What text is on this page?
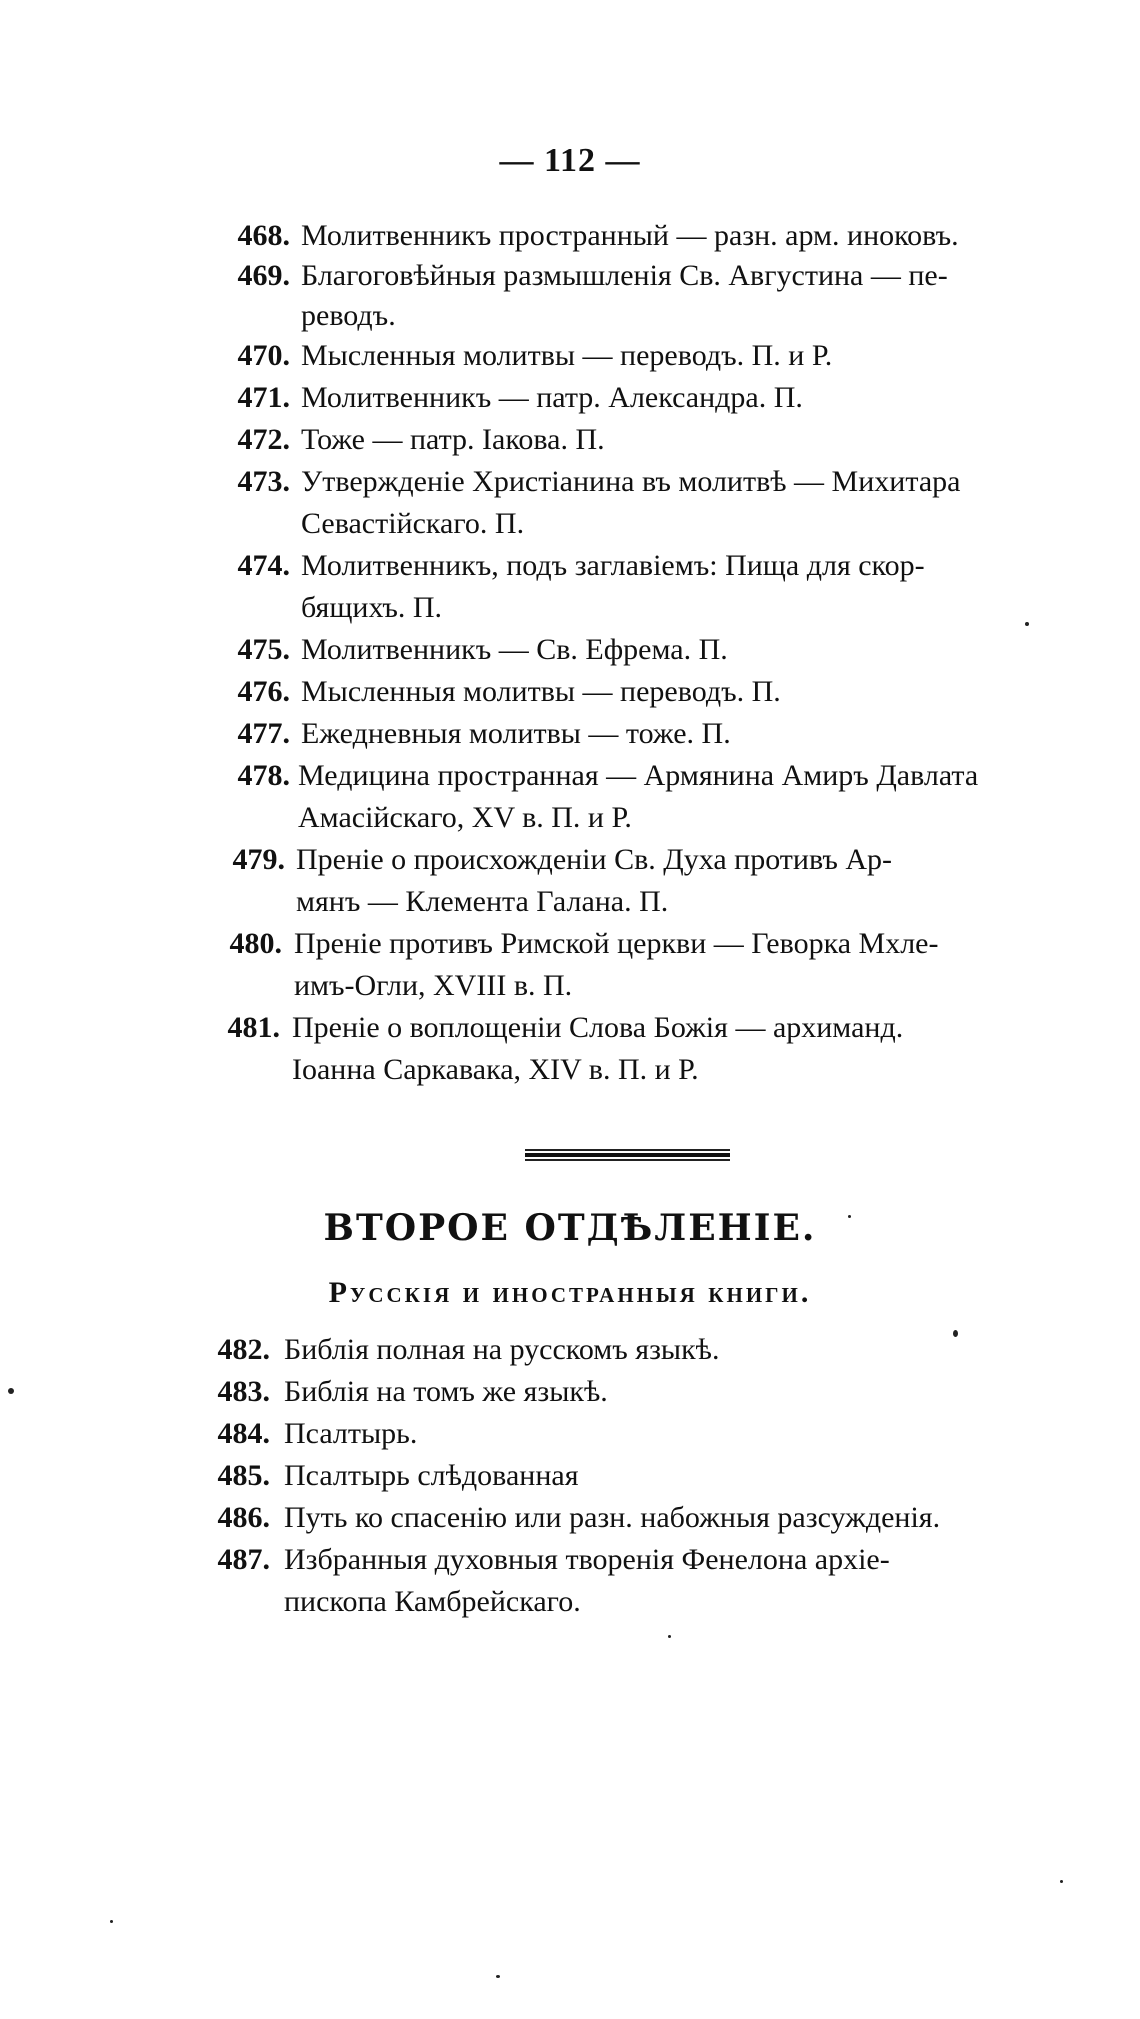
— 112 —
468. Молитвенникъ пространный — разн. арм. иноковъ.
469. Благоговѣйныя размышленія Св. Августина — пе-
реводъ.
470. Мысленныя молитвы — переводъ. П. и Р.
471. Молитвенникъ — патр. Александра. П.
472. Тоже — патр. Іакова. П.
473. Утвержденіе Христіанина въ молитвѣ — Михитара
Севастійскаго. П.
474. Молитвенникъ, подъ заглавіемъ: Пища для скор-
бящихъ. П.
475. Молитвенникъ — Св. Ефрема. П.
476. Мысленныя молитвы — переводъ. П.
477. Ежедневныя молитвы — тоже. П.
478. Медицина пространная — Армянина Амиръ Давлата
Амасійскаго, XV в. П. и Р.
479. Преніе о происхожденіи Св. Духа противъ Ар-
мянъ — Клемента Галана. П.
480. Преніе противъ Римской церкви — Геворка Мхле-
имъ-Огли, XVIII в. П.
481. Преніе о воплощеніи Слова Божія — архиманд.
Іоанна Саркавака, XIV в. П. и Р.
ВТОРОЕ ОТДѢЛЕНІЕ.
Русскія и иностранныя книги.
482. Библія полная на русскомъ языкѣ.
483. Библія на томъ же языкѣ.
484. Псалтырь.
485. Псалтырь слѣдованная
486. Путь ко спасенію или разн. набожныя разсужденія.
487. Избранныя духовныя творенія Фенелона архіе-
пископа Камбрейскаго.
